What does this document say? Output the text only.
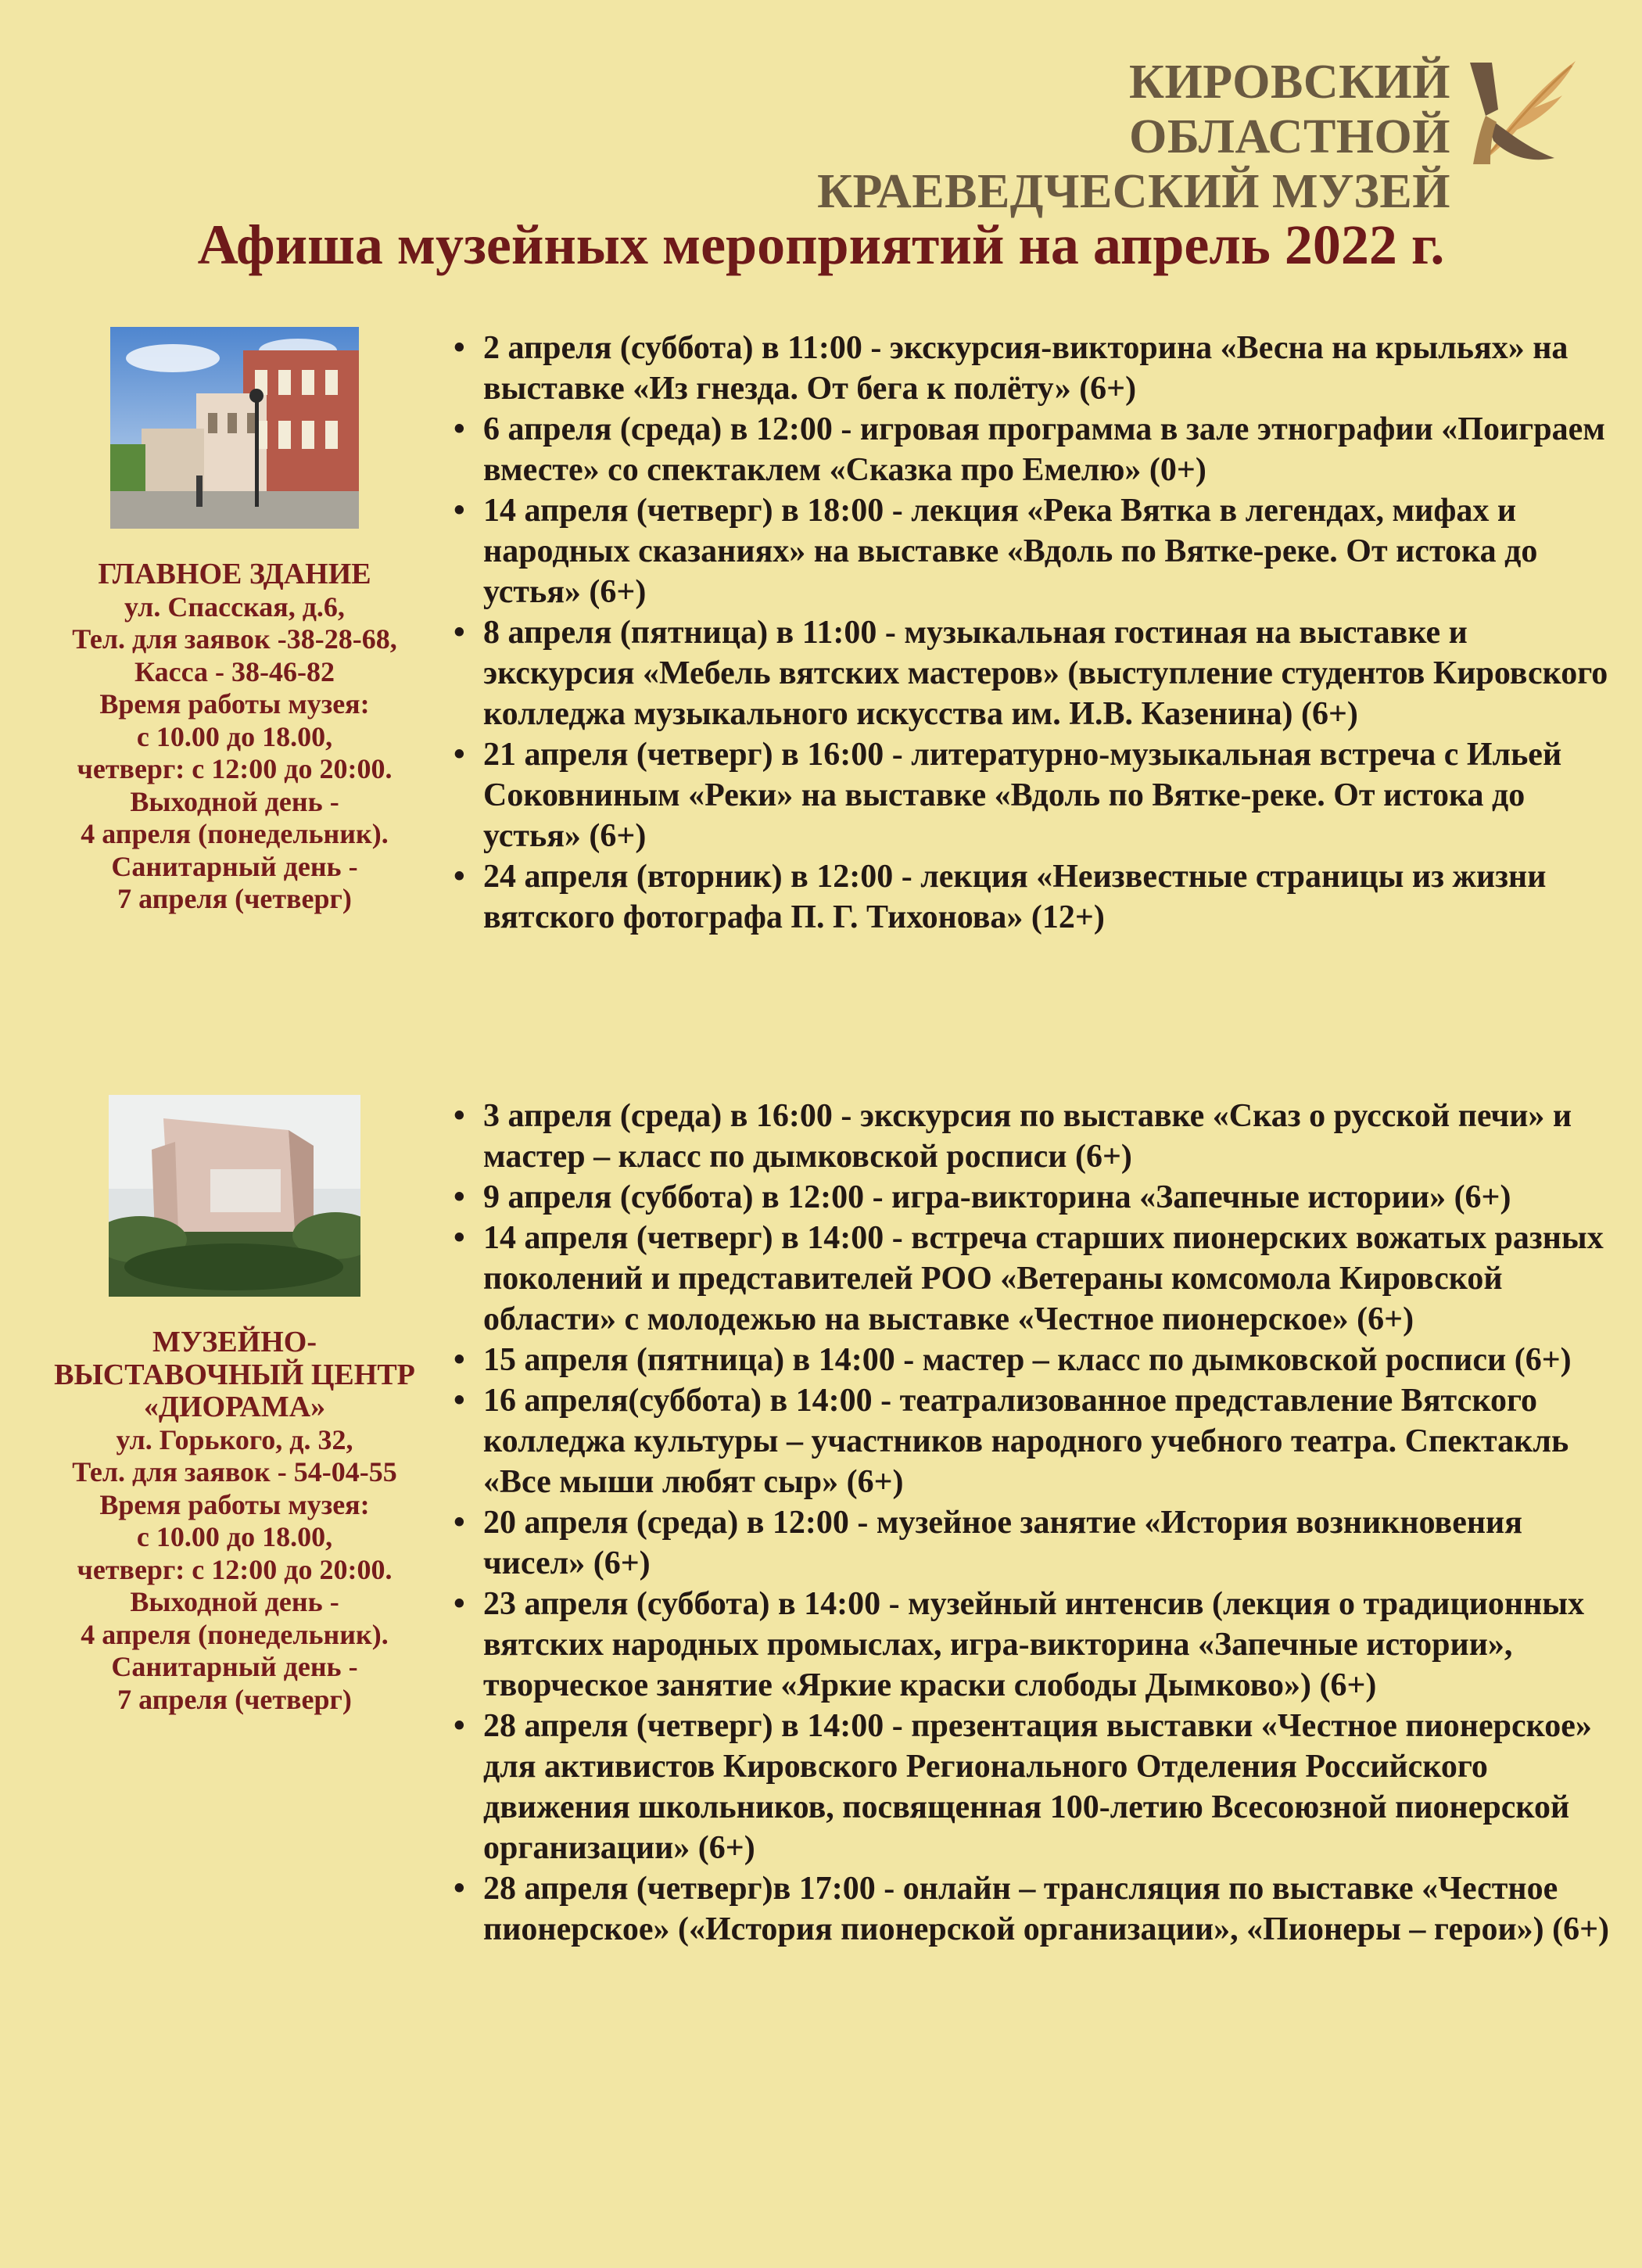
КИРОВСКИЙ ОБЛАСТНОЙ
КРАЕВЕДЧЕСКИЙ МУЗЕЙ
Афиша музейных мероприятий на апрель 2022 г.
ГЛАВНОЕ ЗДАНИЕ
ул. Спасская, д.6,
Тел. для заявок -38-28-68,
Касса - 38-46-82
Время работы музея:
с 10.00 до 18.00,
четверг: с 12:00 до 20:00.
Выходной день -
4 апреля (понедельник).
Санитарный день -
7 апреля (четверг)
• 2 апреля (суббота) в 11:00 - экскурсия-викторина «Весна на крыльях» на выставке «Из гнезда. От бега к полёту» (6+)
• 6 апреля (среда) в 12:00 - игровая программа в зале этнографии «Поиграем вместе» со спектаклем «Сказка про Емелю» (0+)
• 14 апреля (четверг) в 18:00 - лекция «Река Вятка в легендах, мифах и народных сказаниях» на выставке «Вдоль по Вятке-реке. От истока до устья» (6+)
• 8 апреля (пятница) в 11:00 - музыкальная гостиная на выставке и экскурсия «Мебель вятских мастеров» (выступление студентов Кировского колледжа музыкального искусства им. И.В. Казенина) (6+)
• 21 апреля (четверг) в 16:00 - литературно-музыкальная встреча с Ильей Соковниным «Реки» на выставке «Вдоль по Вятке-реке. От истока до устья» (6+)
• 24 апреля (вторник) в 12:00 - лекция «Неизвестные страницы из жизни вятского фотографа П. Г. Тихонова» (12+)
МУЗЕЙНО-
ВЫСТАВОЧНЫЙ ЦЕНТР
«ДИОРАМА»
ул. Горького, д. 32,
Тел. для заявок - 54-04-55
Время работы музея:
с 10.00 до 18.00,
четверг: с 12:00 до 20:00.
Выходной день -
4 апреля (понедельник).
Санитарный день -
7 апреля (четверг)
• 3 апреля (среда) в 16:00 - экскурсия по выставке «Сказ о русской печи» и мастер – класс по дымковской росписи (6+)
• 9 апреля (суббота) в 12:00 - игра-викторина «Запечные истории» (6+)
• 14 апреля (четверг) в 14:00 - встреча старших пионерских вожатых разных поколений и представителей РОО «Ветераны комсомола Кировской области» с молодежью на выставке «Честное пионерское» (6+)
• 15 апреля (пятница) в 14:00 - мастер – класс по дымковской росписи (6+)
• 16 апреля(суббота) в 14:00 - театрализованное представление Вятского колледжа культуры – участников народного учебного театра. Спектакль «Все мыши любят сыр» (6+)
• 20 апреля (среда) в 12:00 - музейное занятие «История возникновения чисел» (6+)
• 23 апреля (суббота) в 14:00 - музейный интенсив (лекция о традиционных вятских народных промыслах, игра-викторина «Запечные истории», творческое занятие «Яркие краски слободы Дымково») (6+)
• 28 апреля (четверг) в 14:00 - презентация выставки «Честное пионерское» для активистов Кировского Регионального Отделения Российского движения школьников, посвященная 100-летию Всесоюзной пионерской организации» (6+)
• 28 апреля (четверг)в 17:00 - онлайн – трансляция по выставке «Честное пионерское» («История пионерской организации», «Пионеры – герои») (6+)
